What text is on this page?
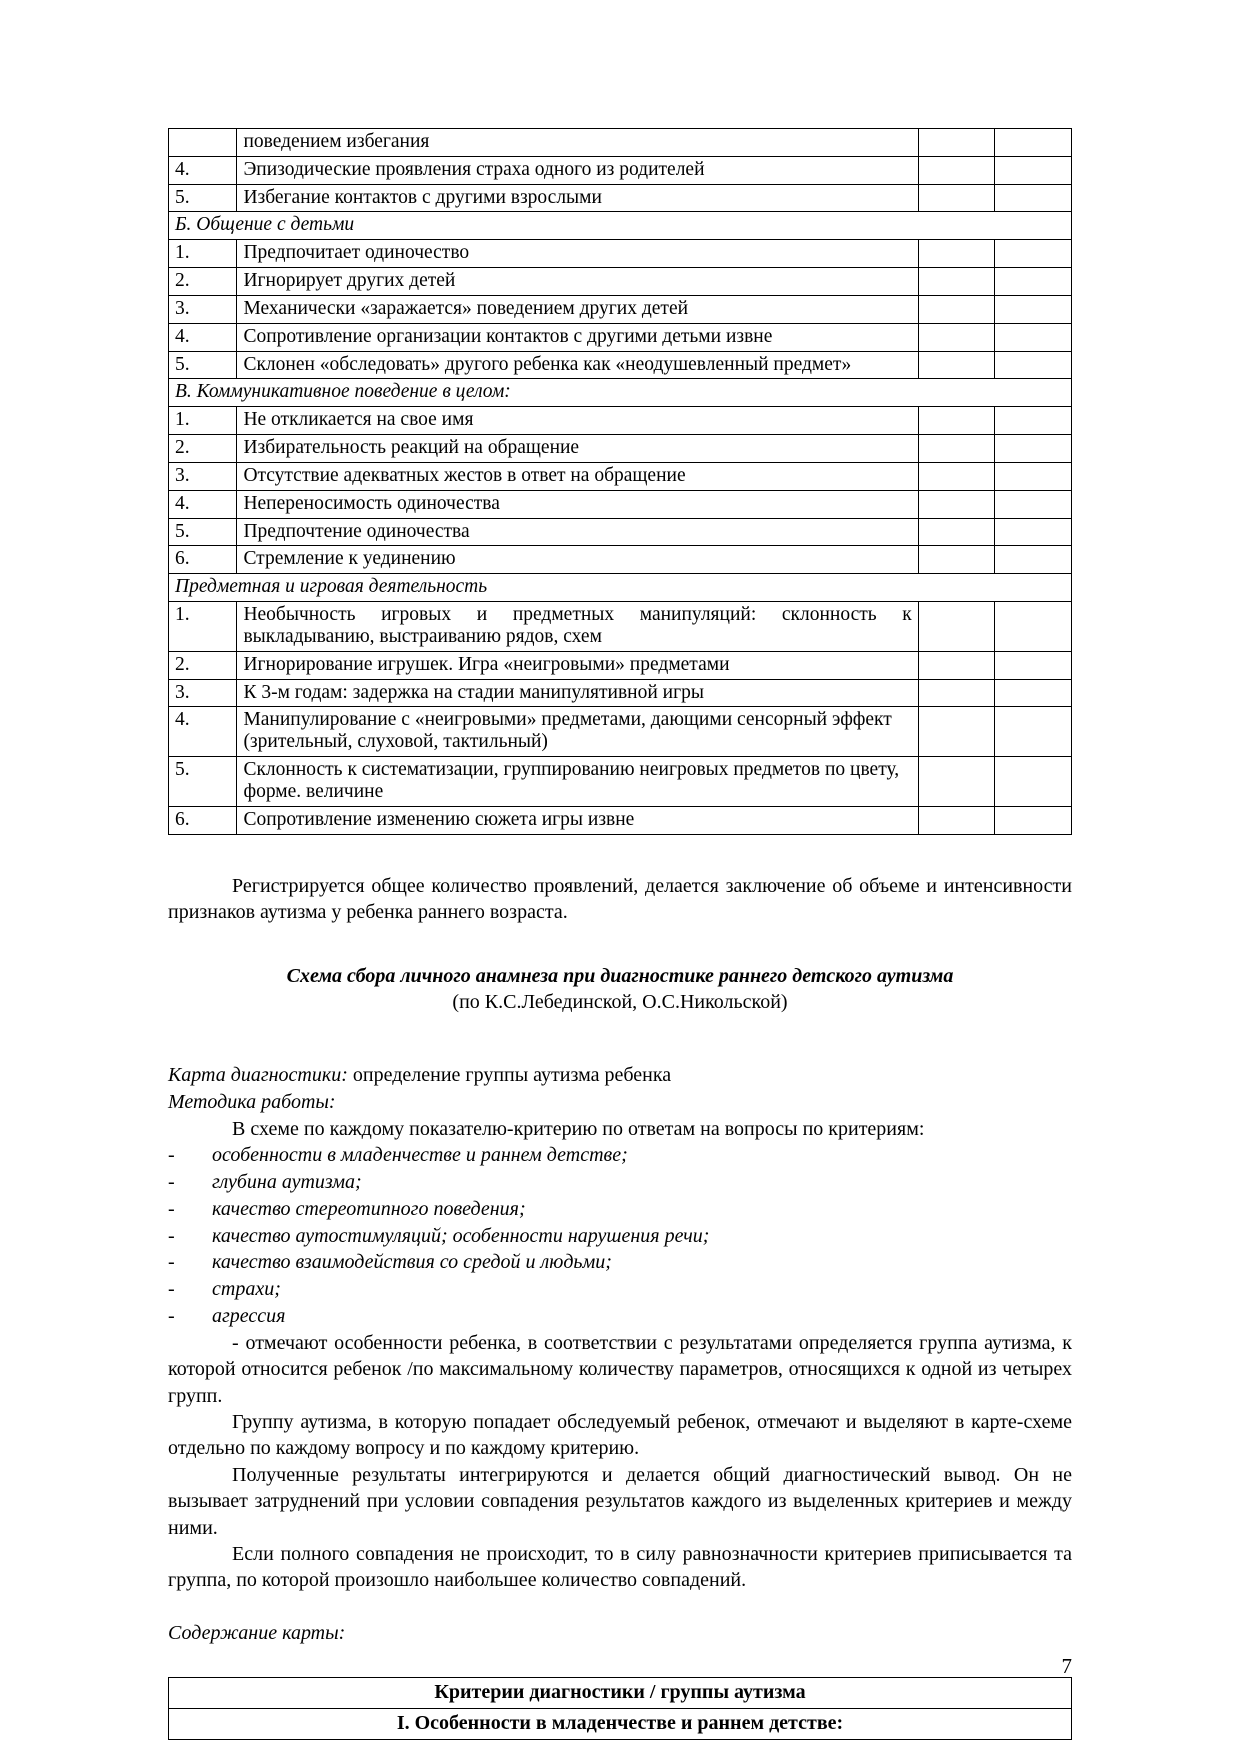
	поведением избегания		
4.	Эпизодические проявления страха одного из родителей		
5.	Избегание контактов с другими взрослыми		
Б. Общение с детьми			
1.	Предпочитает одиночество		
2.	Игнорирует других детей		
3.	Механически «заражается» поведением других детей		
4.	Сопротивление организации контактов с другими детьми извне		
5.	Склонен «обследовать» другого ребенка как «неодушевленный предмет»		
В. Коммуникативное поведение в целом:			
1.	Не откликается на свое имя		
2.	Избирательность реакций на обращение		
3.	Отсутствие адекватных жестов в ответ на обращение		
4.	Непереносимость одиночества		
5.	Предпочтение одиночества		
6.	Стремление к уединению		
Предметная и игровая деятельность			
1.	Необычность игровых и предметных манипуляций: склонность к выкладыванию, выстраиванию рядов, схем		
2.	Игнорирование игрушек. Игра «неигровыми» предметами		
3.	К 3-м годам: задержка на стадии манипулятивной игры		
4.	Манипулирование с «неигровыми» предметами, дающими сенсорный эффект (зрительный, слуховой, тактильный)		
5.	Склонность к систематизации, группированию неигровых предметов по цвету, форме. величине		
6.	Сопротивление изменению сюжета игры извне		

Регистрируется общее количество проявлений, делается заключение об объеме и интенсивности признаков аутизма у ребенка раннего возраста.

Схема сбора личного анамнеза при диагностике раннего детского аутизма
(по К.С.Лебединской, О.С.Никольской)
Карта диагностики: определение группы аутизма ребенка
Методика работы:

В схеме по каждому показателю-критерию по ответам на вопросы по критериям:

-	особенности в младенчестве и раннем детстве;
-	глубина аутизма;
-	качество стереотипного поведения;
-	качество аутостимуляций; особенности нарушения речи;
-	качество взаимодействия со средой и людьми;
-	страхи;
-	агрессия

- отмечают особенности ребенка, в соответствии с результатами определяется группа аутизма, к которой относится ребенок /по максимальному количеству параметров, относящихся к одной из четырех групп.

Группу аутизма, в которую попадает обследуемый ребенок, отмечают и выделяют в карте-схеме отдельно по каждому вопросу и по каждому критерию.

Полученные результаты интегрируются и делается общий диагностический вывод. Он не вызывает затруднений при условии совпадения результатов каждого из выделенных критериев и между ними.

Если полного совпадения не происходит, то в силу равнозначности критериев приписывается та группа, по которой произошло наибольшее количество совпадений.

Содержание карты:
Критерии диагностики / группы аутизма
I. Особенности в младенчестве и раннем детстве:
7
